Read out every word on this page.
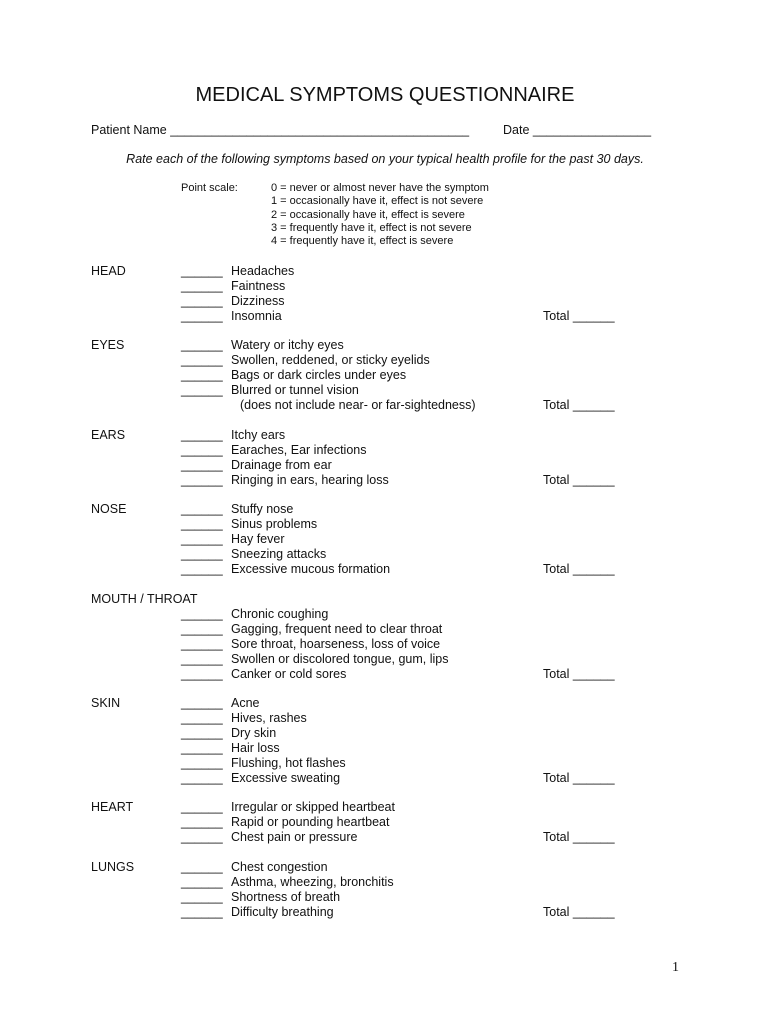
MEDICAL SYMPTOMS QUESTIONNAIRE
Patient Name ___________________________________________	Date _________________
Rate each of the following symptoms based on your typical health profile for the past 30 days.
Point scale:	0 = never or almost never have the symptom
1 = occasionally have it, effect is not severe
2 = occasionally have it, effect is severe
3 = frequently have it, effect is not severe
4 = frequently have it, effect is severe
HEAD	______ Headaches
______ Faintness
______ Dizziness
______ Insomnia	Total ______
EYES	______ Watery or itchy eyes
______ Swollen, reddened, or sticky eyelids
______ Bags or dark circles under eyes
______ Blurred or tunnel vision
(does not include near- or far-sightedness)	Total ______
EARS	______ Itchy ears
______ Earaches, Ear infections
______ Drainage from ear
______ Ringing in ears, hearing loss	Total ______
NOSE	______ Stuffy nose
______ Sinus problems
______ Hay fever
______ Sneezing attacks
______ Excessive mucous formation	Total ______
MOUTH / THROAT
______ Chronic coughing
______ Gagging, frequent need to clear throat
______ Sore throat, hoarseness, loss of voice
______ Swollen or discolored tongue, gum, lips
______ Canker or cold sores	Total ______
SKIN	______ Acne
______ Hives, rashes
______ Dry skin
______ Hair loss
______ Flushing, hot flashes
______ Excessive sweating	Total ______
HEART	______ Irregular or skipped heartbeat
______ Rapid or pounding heartbeat
______ Chest pain or pressure	Total ______
LUNGS	______ Chest congestion
______ Asthma, wheezing, bronchitis
______ Shortness of breath
______ Difficulty breathing	Total ______
1
